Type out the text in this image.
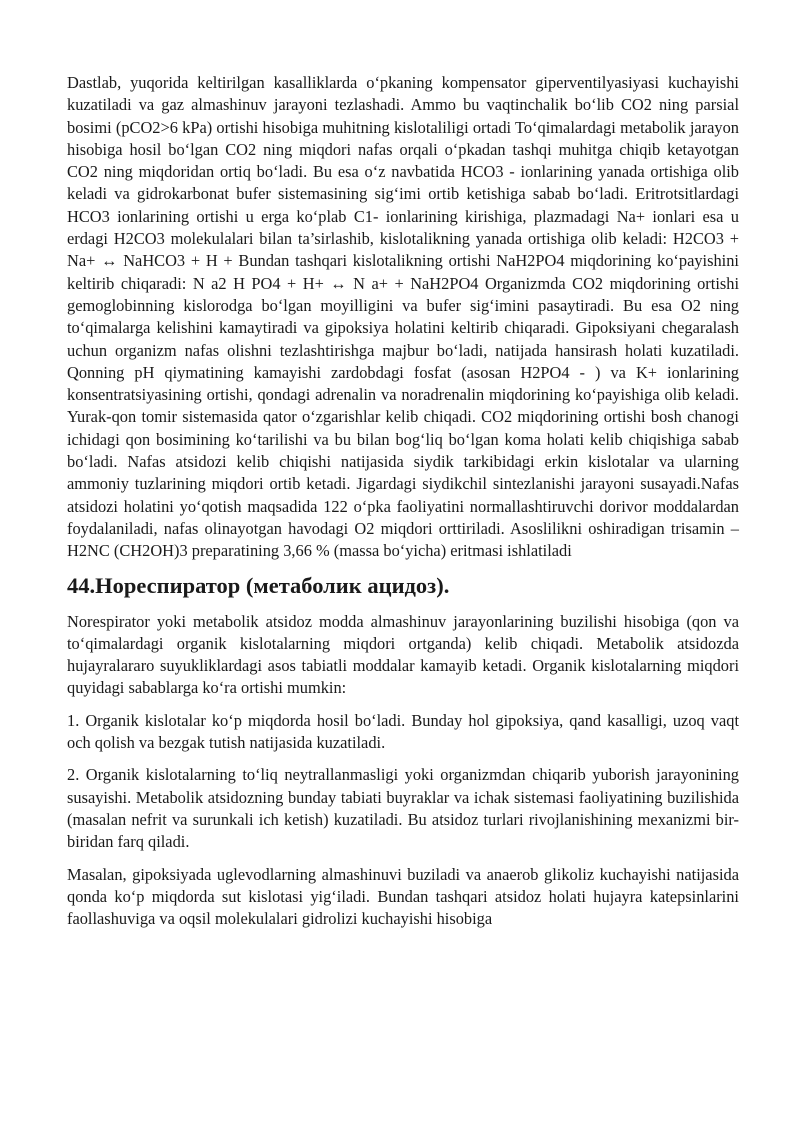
Dastlab, yuqorida keltirilgan kasalliklarda o‘pkaning kompensator giperventilyasiyasi kuchayishi kuzatiladi va gaz almashinuv jarayoni tezlashadi. Ammo bu vaqtinchalik bo‘lib CO2 ning parsial bosimi (pCO2>6 kPa) ortishi hisobiga muhitning kislotaliligi ortadi To‘qimalardagi metabolik jarayon hisobiga hosil bo‘lgan CO2 ning miqdori nafas orqali o‘pkadan tashqi muhitga chiqib ketayotgan CO2 ning miqdoridan ortiq bo‘ladi. Bu esa o‘z navbatida HCO3 - ionlarining yanada ortishiga olib keladi va gidrokarbonat bufer sistemasining sig‘imi ortib ketishiga sabab bo‘ladi. Eritrotsitlardagi HCO3 ionlarining ortishi u erga ko‘plab C1- ionlarining kirishiga, plazmadagi Na+ ionlari esa u erdagi H2CO3 molekulalari bilan ta’sirlashib, kislotalikning yanada ortishiga olib keladi: H2CO3 + Na+ ↔ NaHCO3 + H + Bundan tashqari kislotalikning ortishi NaH2PO4 miqdorining ko‘payishini keltirib chiqaradi: N a2 H PO4 + H+ ↔ N a+ + NaH2PO4 Organizmda CO2 miqdorining ortishi gemoglobinning kislorodga bo‘lgan moyilligini va bufer sig‘imini pasaytiradi. Bu esa O2 ning to‘qimalarga kelishini kamaytiradi va gipoksiya holatini keltirib chiqaradi. Gipoksiyani chegaralash uchun organizm nafas olishni tezlashtirishga majbur bo‘ladi, natijada hansirash holati kuzatiladi. Qonning pH qiymatining kamayishi zardobdagi fosfat (asosan H2PO4 - ) va K+ ionlarining konsentratsiyasining ortishi, qondagi adrenalin va noradrenalin miqdorining ko‘payishiga olib keladi. Yurak-qon tomir sistemasida qator o‘zgarishlar kelib chiqadi. CO2 miqdorining ortishi bosh chanogi ichidagi qon bosimining ko‘tarilishi va bu bilan bog‘liq bo‘lgan koma holati kelib chiqishiga sabab bo‘ladi. Nafas atsidozi kelib chiqishi natijasida siydik tarkibidagi erkin kislotalar va ularning ammoniy tuzlarining miqdori ortib ketadi. Jigardagi siydikchil sintezlanishi jarayoni susayadi.Nafas atsidozi holatini yo‘qotish maqsadida 122 o‘pka faoliyatini normallashtiruvchi dorivor moddalardan foydalaniladi, nafas olinayotgan havodagi O2 miqdori orttiriladi. Asoslilikni oshiradigan trisamin – H2NC (CH2OH)3 preparatining 3,66 % (massa bo‘yicha) eritmasi ishlatiladi

44.Нореспиратор (метаболик ацидоз).

Norespirator yoki metabolik atsidoz modda almashinuv jarayonlarining buzilishi hisobiga (qon va to‘qimalardagi organik kislotalarning miqdori ortganda) kelib chiqadi. Metabolik atsidozda hujayralararo suyukliklardagi asos tabiatli moddalar kamayib ketadi. Organik kislotalarning miqdori quyidagi sabablarga ko‘ra ortishi mumkin:

1. Organik kislotalar ko‘p miqdorda hosil bo‘ladi. Bunday hol gipoksiya, qand kasalligi, uzoq vaqt och qolish va bezgak tutish natijasida kuzatiladi.

2. Organik kislotalarning to‘liq neytrallanmasligi yoki organizmdan chiqarib yuborish jarayonining susayishi. Metabolik atsidozning bunday tabiati buyraklar va ichak sistemasi faoliyatining buzilishida (masalan nefrit va surunkali ich ketish) kuzatiladi. Bu atsidoz turlari rivojlanishining mexanizmi bir-biridan farq qiladi.

Masalan, gipoksiyada uglevodlarning almashinuvi buziladi va anaerob glikoliz kuchayishi natijasida qonda ko‘p miqdorda sut kislotasi yig‘iladi. Bundan tashqari atsidoz holati hujayra katepsinlarini faollashuviga va oqsil molekulalari gidrolizi kuchayishi hisobiga
